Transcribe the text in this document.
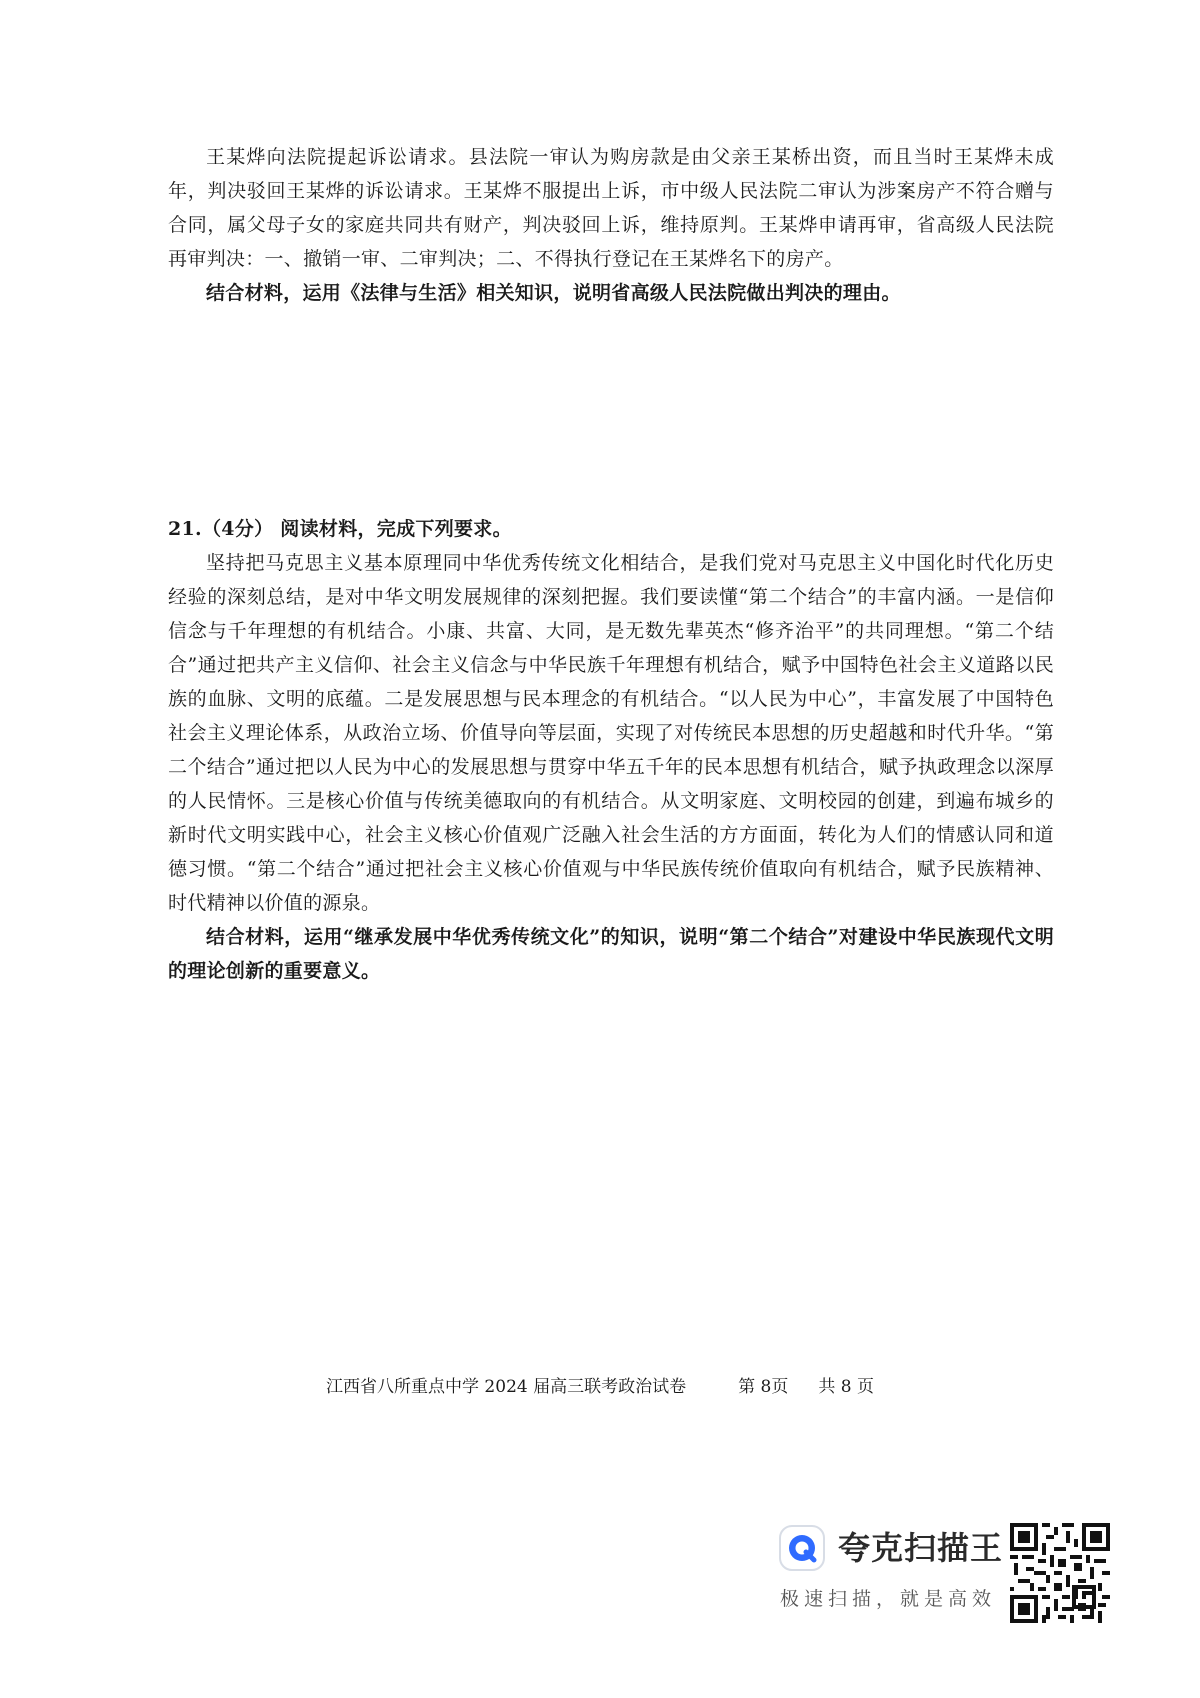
王某烨向法院提起诉讼请求。县法院一审认为购房款是由父亲王某桥出资，而且当时王某烨未成年，判决驳回王某烨的诉讼请求。王某烨不服提出上诉，市中级人民法院二审认为涉案房产不符合赠与合同，属父母子女的家庭共同共有财产，判决驳回上诉，维持原判。王某烨申请再审，省高级人民法院再审判决：一、撤销一审、二审判决；二、不得执行登记在王某烨名下的房产。

结合材料，运用《法律与生活》相关知识，说明省高级人民法院做出判决的理由。

21.（4分） 阅读材料，完成下列要求。

坚持把马克思主义基本原理同中华优秀传统文化相结合，是我们党对马克思主义中国化时代化历史经验的深刻总结，是对中华文明发展规律的深刻把握。我们要读懂“第二个结合”的丰富内涵。一是信仰信念与千年理想的有机结合。小康、共富、大同，是无数先辈英杰“修齐治平”的共同理想。“第二个结合”通过把共产主义信仰、社会主义信念与中华民族千年理想有机结合，赋予中国特色社会主义道路以民族的血脉、文明的底蕴。二是发展思想与民本理念的有机结合。“以人民为中心”，丰富发展了中国特色社会主义理论体系，从政治立场、价值导向等层面，实现了对传统民本思想的历史超越和时代升华。“第二个结合”通过把以人民为中心的发展思想与贯穿中华五千年的民本思想有机结合，赋予执政理念以深厚的人民情怀。三是核心价值与传统美德取向的有机结合。从文明家庭、文明校园的创建，到遍布城乡的新时代文明实践中心，社会主义核心价值观广泛融入社会生活的方方面面，转化为人们的情感认同和道德习惯。“第二个结合”通过把社会主义核心价值观与中华民族传统价值取向有机结合，赋予民族精神、时代精神以价值的源泉。

结合材料，运用“继承发展中华优秀传统文化”的知识，说明“第二个结合”对建设中华民族现代文明的理论创新的重要意义。

江西省八所重点中学 2024 届高三联考政治试卷	第 8页 共 8 页
夸克扫描王
极速扫描，就是高效
